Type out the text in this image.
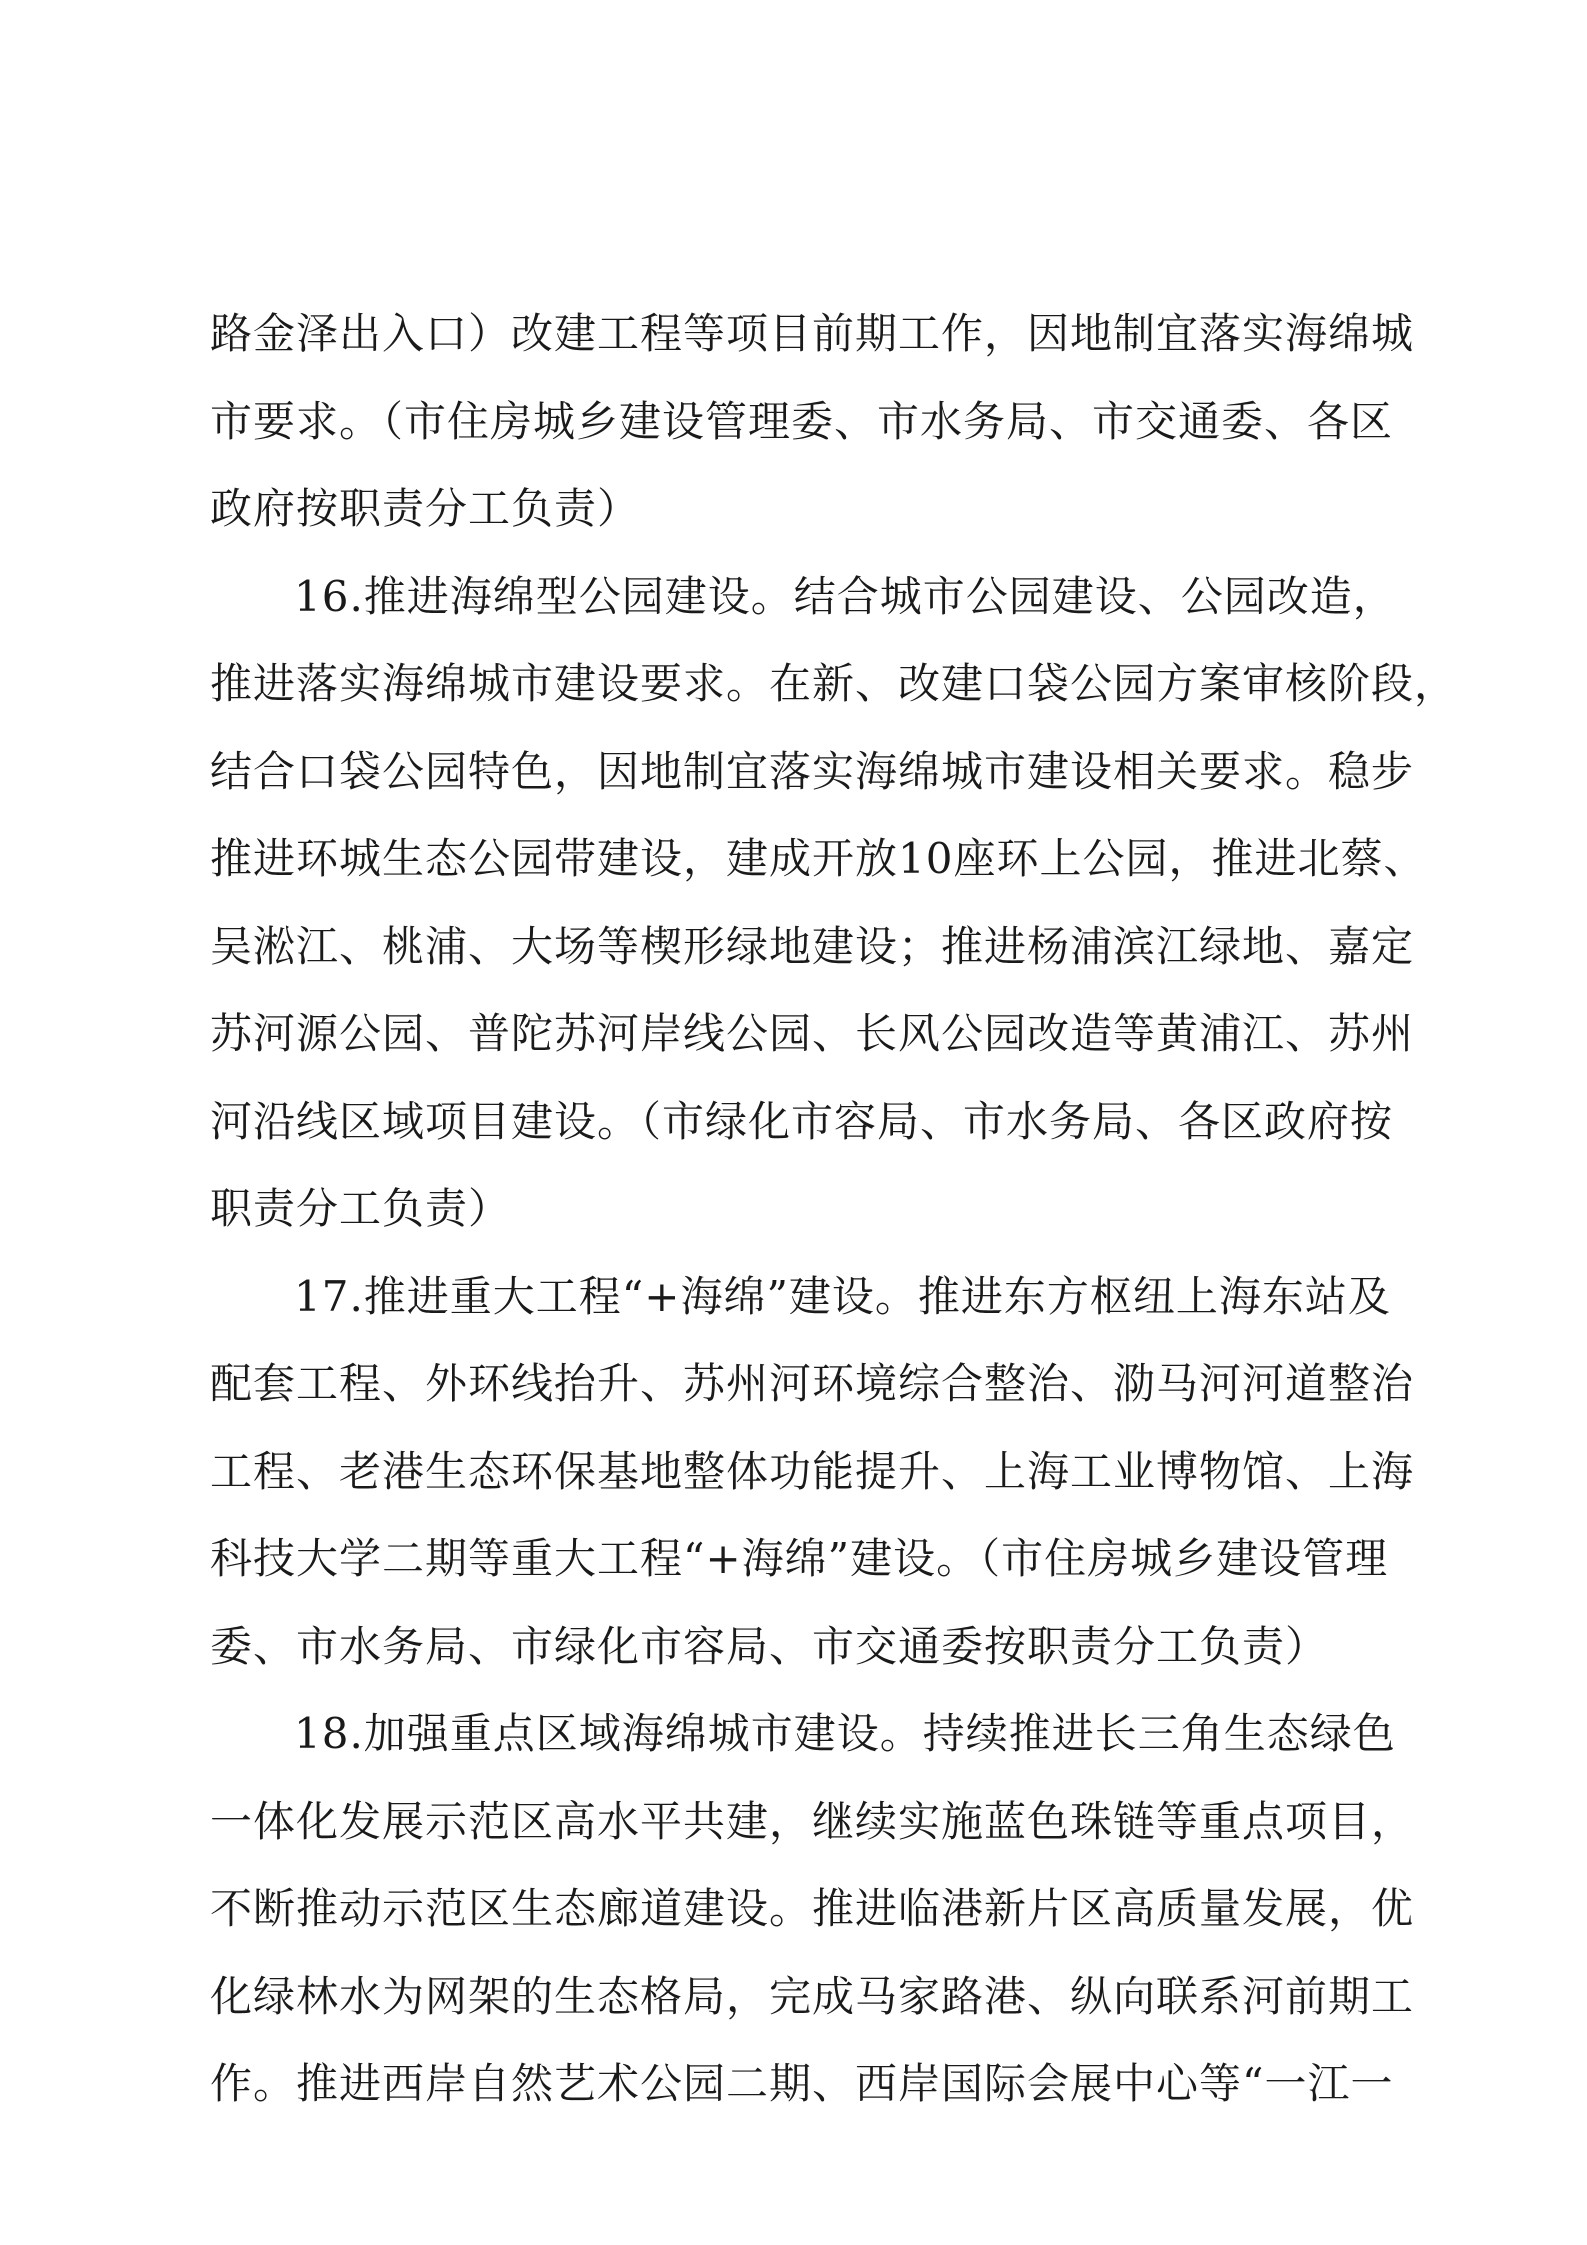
路金泽出入口）改建工程等项目前期工作，因地制宜落实海绵城
市要求。（市住房城乡建设管理委、市水务局、市交通委、各区
政府按职责分工负责）
16.推进海绵型公园建设。结合城市公园建设、公园改造，
推进落实海绵城市建设要求。在新、改建口袋公园方案审核阶段，
结合口袋公园特色，因地制宜落实海绵城市建设相关要求。稳步
推进环城生态公园带建设，建成开放10座环上公园，推进北蔡、
吴淞江、桃浦、大场等楔形绿地建设；推进杨浦滨江绿地、嘉定
苏河源公园、普陀苏河岸线公园、长风公园改造等黄浦江、苏州
河沿线区域项目建设。（市绿化市容局、市水务局、各区政府按
职责分工负责）
17.推进重大工程“+海绵”建设。推进东方枢纽上海东站及
配套工程、外环线抬升、苏州河环境综合整治、泐马河河道整治
工程、老港生态环保基地整体功能提升、上海工业博物馆、上海
科技大学二期等重大工程“+海绵”建设。（市住房城乡建设管理
委、市水务局、市绿化市容局、市交通委按职责分工负责）
18.加强重点区域海绵城市建设。持续推进长三角生态绿色
一体化发展示范区高水平共建，继续实施蓝色珠链等重点项目，
不断推动示范区生态廊道建设。推进临港新片区高质量发展，优
化绿林水为网架的生态格局，完成马家路港、纵向联系河前期工
作。推进西岸自然艺术公园二期、西岸国际会展中心等“一江一
